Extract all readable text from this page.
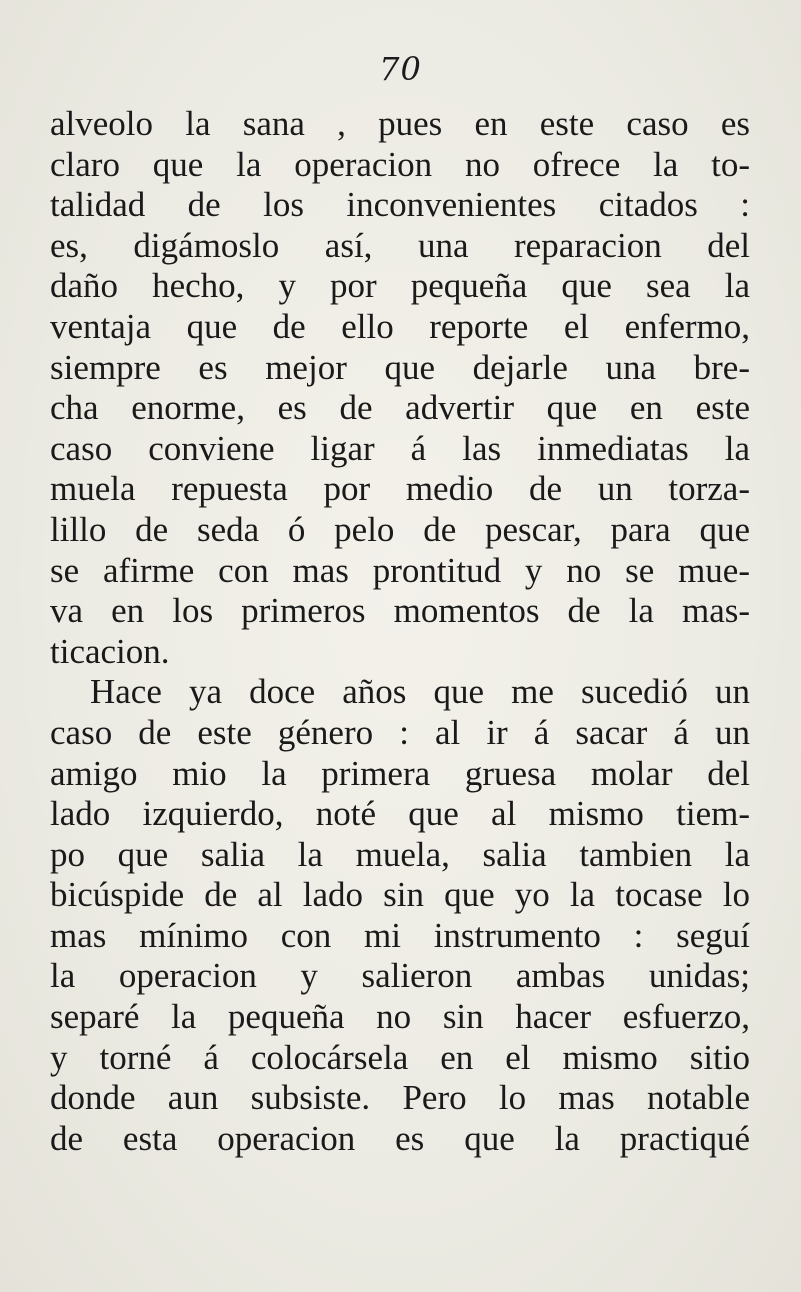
70
alveolo la sana , pues en este caso es
claro que la operacion no ofrece la to-
talidad de los inconvenientes citados :
es, digámoslo así, una reparacion del
daño hecho, y por pequeña que sea la
ventaja que de ello reporte el enfermo,
siempre es mejor que dejarle una bre-
cha enorme, es de advertir que en este
caso conviene ligar á las inmediatas la
muela repuesta por medio de un torza-
lillo de seda ó pelo de pescar, para que
se afirme con mas prontitud y no se mue-
va en los primeros momentos de la mas-
ticacion.
Hace ya doce años que me sucedió un
caso de este género : al ir á sacar á un
amigo mio la primera gruesa molar del
lado izquierdo, noté que al mismo tiem-
po que salia la muela, salia tambien la
bicúspide de al lado sin que yo la tocase lo
mas mínimo con mi instrumento : seguí
la operacion y salieron ambas unidas;
separé la pequeña no sin hacer esfuerzo,
y torné á colocársela en el mismo sitio
donde aun subsiste. Pero lo mas notable
de esta operacion es que la practiqué
